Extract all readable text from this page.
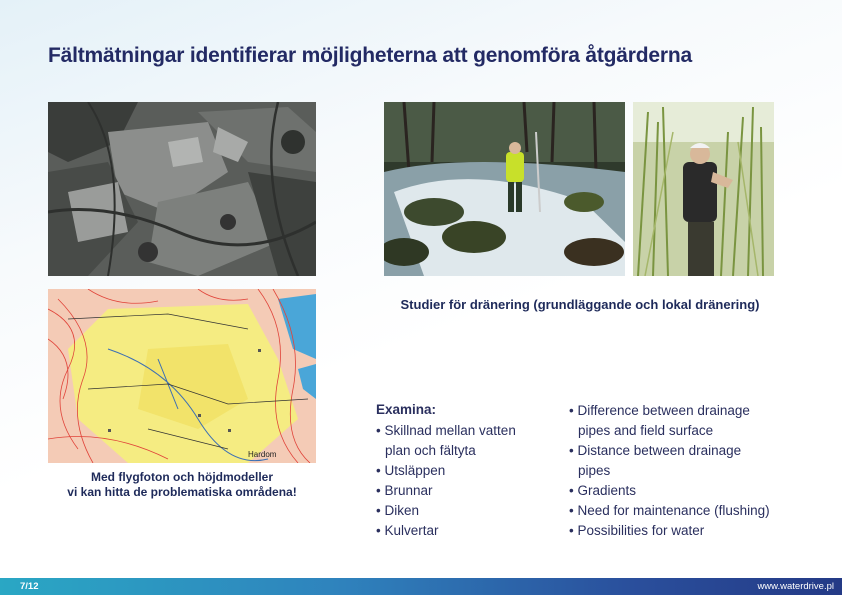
Fältmätningar identifierar möjligheterna att genomföra åtgärderna
Hardom
Med flygfoton och höjdmodeller
vi kan hitta de problematiska områdena!
Studier för dränering (grundläggande och lokal dränering)
Examina:
• Skillnad mellan vatten
plan och fältyta
• Utsläppen
• Brunnar
• Diken
• Kulvertar
• Difference between drainage
pipes and field surface
• Distance between drainage
pipes
• Gradients
• Need for maintenance (flushing)
• Possibilities for water
7/12	www.waterdrive.pl
